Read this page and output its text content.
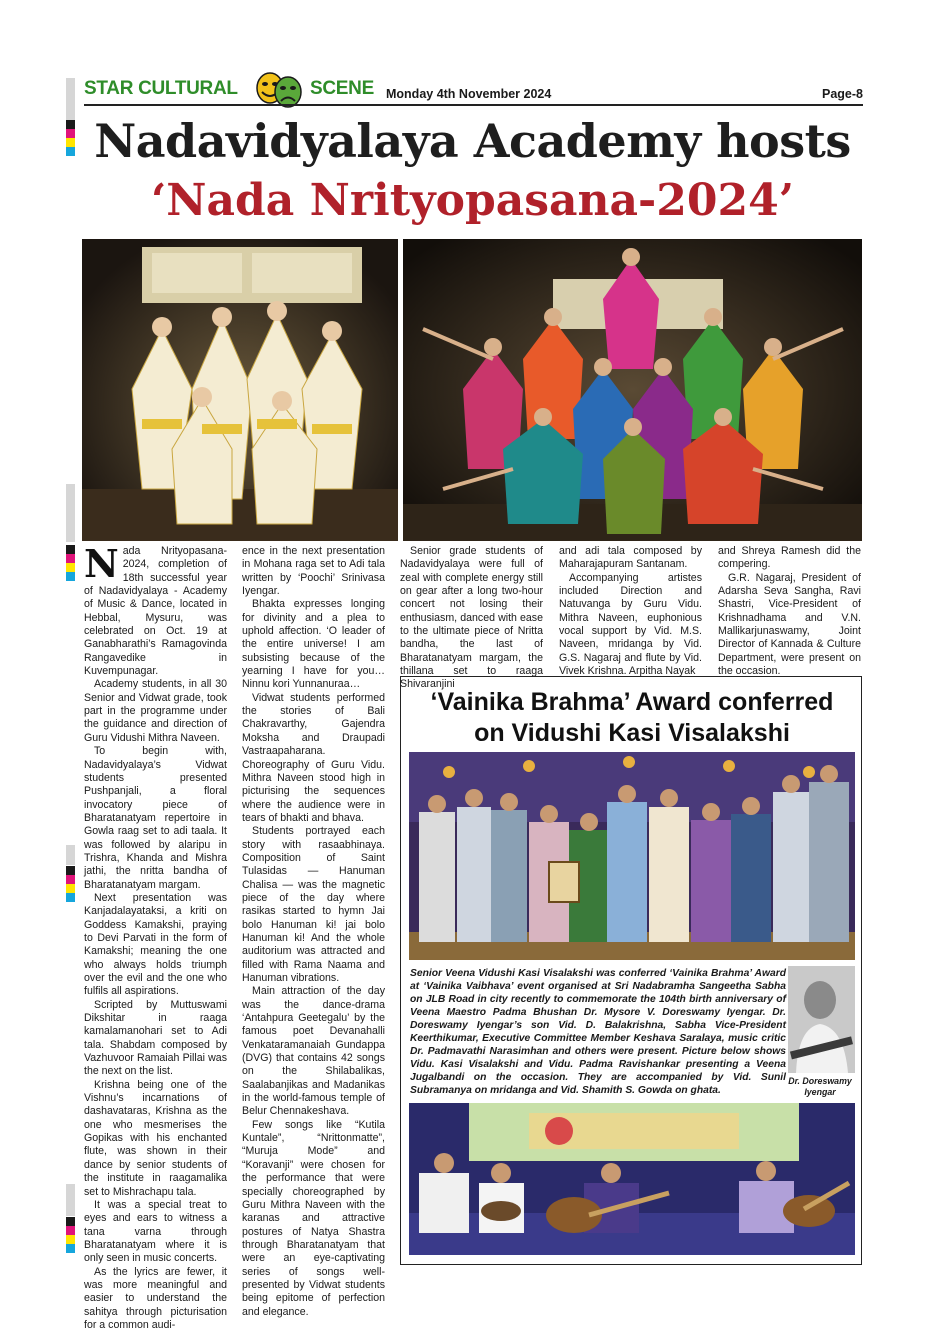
STAR CULTURAL	SCENE Monday 4th November 2024	Page-8
Nadavidyalaya Academy hosts
‘Nada Nrityopasana-2024’
N ada Nrityopasana-2024, completion of 18th successful year of Nadavidyalaya - Academy of Music & Dance, located in Hebbal, Mysuru, was celebrated on Oct. 19 at Ganabharathi’s Ramagovinda Rangavedike in Kuvempunagar.

Academy students, in all 30 Senior and Vidwat grade, took part in the programme under the guidance and direction of Guru Vidushi Mithra Naveen.

To begin with, Nadavidyalaya’s Vidwat students presented Pushpanjali, a floral invocatory piece of Bharatanatyam repertoire in Gowla raag set to adi taala. It was followed by alaripu in Trishra, Khanda and Mishra jathi, the nritta bandha of Bharatanatyam margam.

Next presentation was Kanjadalayataksi, a kriti on Goddess Kamakshi, praying to Devi Parvati in the form of Kamakshi; meaning the one who always holds triumph over the evil and the one who fulfils all aspirations.

Scripted by Muttuswami Dikshitar in raaga kamalamanohari set to Adi tala. Shabdam composed by Vazhuvoor Ramaiah Pillai was the next on the list.

Krishna being one of the Vishnu’s incarnations of dashavataras, Krishna as the one who mesmerises the Gopikas with his enchanted flute, was shown in their dance by senior students of the institute in raagamalika set to Mishrachapu tala.

It was a special treat to eyes and ears to witness a tana varna through Bharatanatyam where it is only seen in music concerts.

As the lyrics are fewer, it was more meaningful and easier to understand the sahitya through picturisation for a common audi-

ence in the next presentation in Mohana raga set to Adi tala written by ‘Poochi’ Srinivasa Iyengar.

Bhakta expresses longing for divinity and a plea to uphold affection. ‘O leader of the entire universe! I am subsisting because of the yearning I have for you… Ninnu kori Yunnanuraa…

Vidwat students performed the stories of Bali Chakravarthy, Gajendra Moksha and Draupadi Vastraapaharana. Choreography of Guru Vidu. Mithra Naveen stood high in picturising the sequences where the audience were in tears of bhakti and bhava.

Students portrayed each story with rasaabhinaya. Composition of Saint Tulasidas — Hanuman Chalisa — was the magnetic piece of the day where rasikas started to hymn Jai bolo Hanuman ki! jai bolo Hanuman ki! And the whole auditorium was attracted and filled with Rama Naama and Hanuman vibrations.

Main attraction of the day was the dance-drama ‘Antahpura Geetegalu’ by the famous poet Devanahalli Venkataramanaiah Gundappa (DVG) that contains 42 songs on the Shilabalikas, Saalabanjikas and Madanikas in the world-famous temple of Belur Chennakeshava.

Few songs like “Kutila Kuntale”, “Nrittonmatte”, “Muruja Mode” and “Koravanji” were chosen for the performance that were specially choreographed by Guru Mithra Naveen with the karanas and attractive postures of Natya Shastra through Bharatanatyam that were an eye-captivating series of songs well-presented by Vidwat students being epitome of perfection and elegance.

Senior grade students of Nadavidyalaya were full of zeal with complete energy still on gear after a long two-hour concert not losing their enthusiasm, danced with ease to the ultimate piece of Nritta bandha, the last of Bharatanatyam margam, the thillana set to raaga Shivaranjini

and adi tala composed by Maharajapuram Santanam.

Accompanying artistes included Direction and Natuvanga by Guru Vidu. Mithra Naveen, euphonious vocal support by Vid. M.S. Naveen, mridanga by Vid. G.S. Nagaraj and flute by Vid. Vivek Krishna. Arpitha Nayak

and Shreya Ramesh did the compering.

G.R. Nagaraj, President of Adarsha Seva Sangha, Ravi Shastri, Vice-President of Krishnadhama and V.N. Mallikarjunaswamy, Joint Director of Kannada & Culture Department, were present on the occasion.

‘Vainika Brahma’ Award conferred
on Vidushi Kasi Visalakshi
Senior Veena Vidushi Kasi Visalakshi was conferred ‘Vainika Brahma’ Award at ‘Vainika Vaibhava’ event organised at Sri Nadabramha Sangeetha Sabha on JLB Road in city recently to commemorate the 104th birth anniversary of Veena Maestro Padma Bhushan Dr. Mysore V. Doreswamy Iyengar. Dr. Doreswamy Iyengar’s son Vid. D. Balakrishna, Sabha Vice-President Keerthikumar, Executive Committee Member Keshava Saralaya, music critic Dr. Padmavathi Narasimhan and others were present. Picture below shows Vidu. Kasi Visalakshi and Vidu. Padma Ravishankar presenting a Veena Jugalbandi on the occasion. They are accompanied by Vid. Sunil Subramanya on mridanga and Vid. Shamith S. Gowda on ghata.
Dr. Doreswamy
Iyengar
